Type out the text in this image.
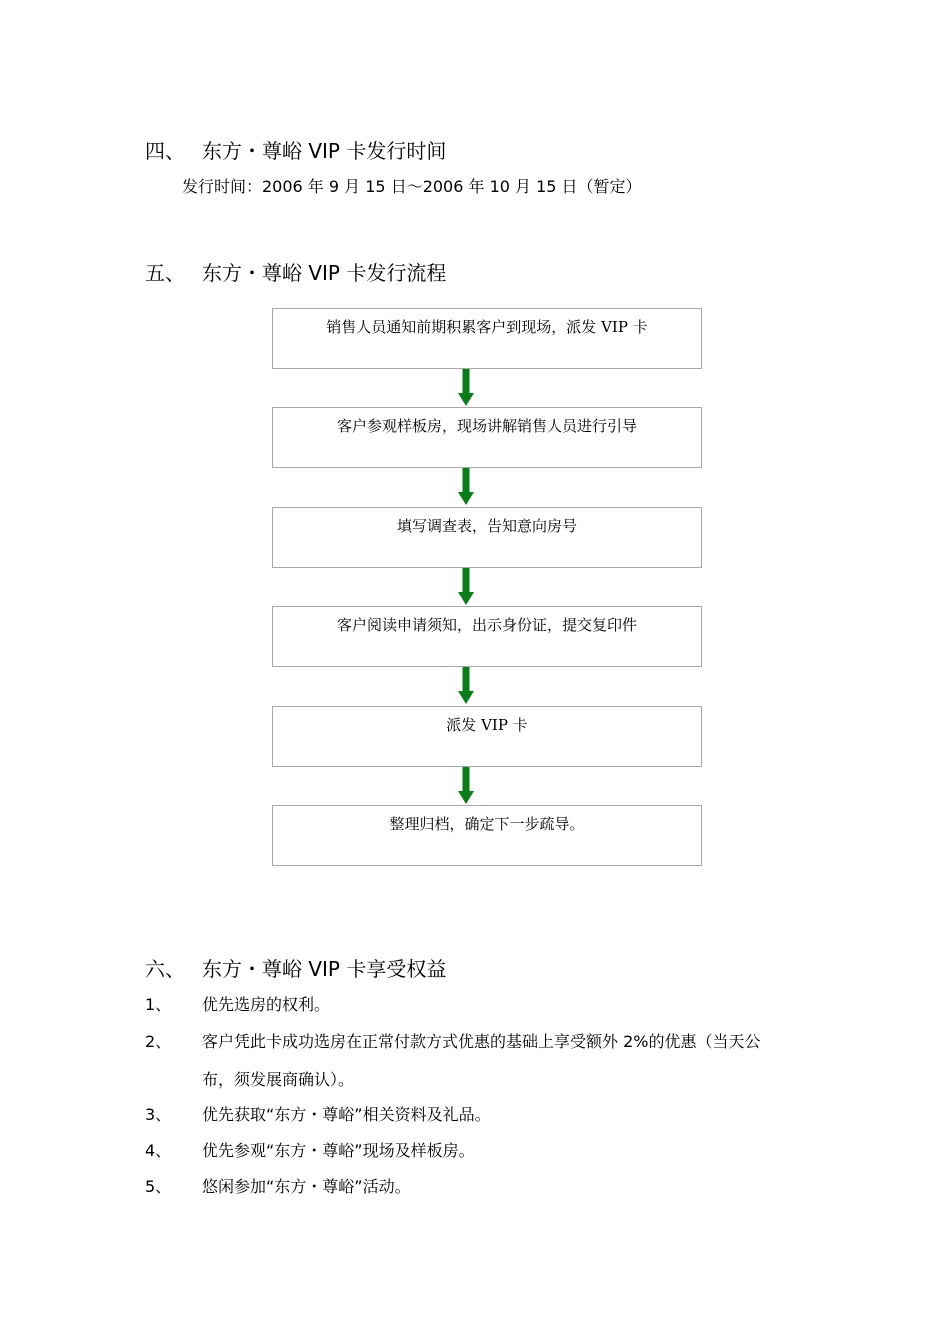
四、 东方・尊峪 VIP 卡发行时间
发行时间：2006 年 9 月 15 日～2006 年 10 月 15 日（暂定）
五、 东方・尊峪 VIP 卡发行流程
销售人员通知前期积累客户到现场，派发 VIP 卡
客户参观样板房，现场讲解销售人员进行引导
填写调查表，告知意向房号
客户阅读申请须知，出示身份证，提交复印件
派发 VIP 卡
整理归档，确定下一步疏导。
六、 东方・尊峪 VIP 卡享受权益
1、 优先选房的权利。
2、 客户凭此卡成功选房在正常付款方式优惠的基础上享受额外 2%的优惠（当天公
布，须发展商确认）。
3、 优先获取“东方・尊峪”相关资料及礼品。
4、 优先参观“东方・尊峪”现场及样板房。
5、 悠闲参加“东方・尊峪”活动。
